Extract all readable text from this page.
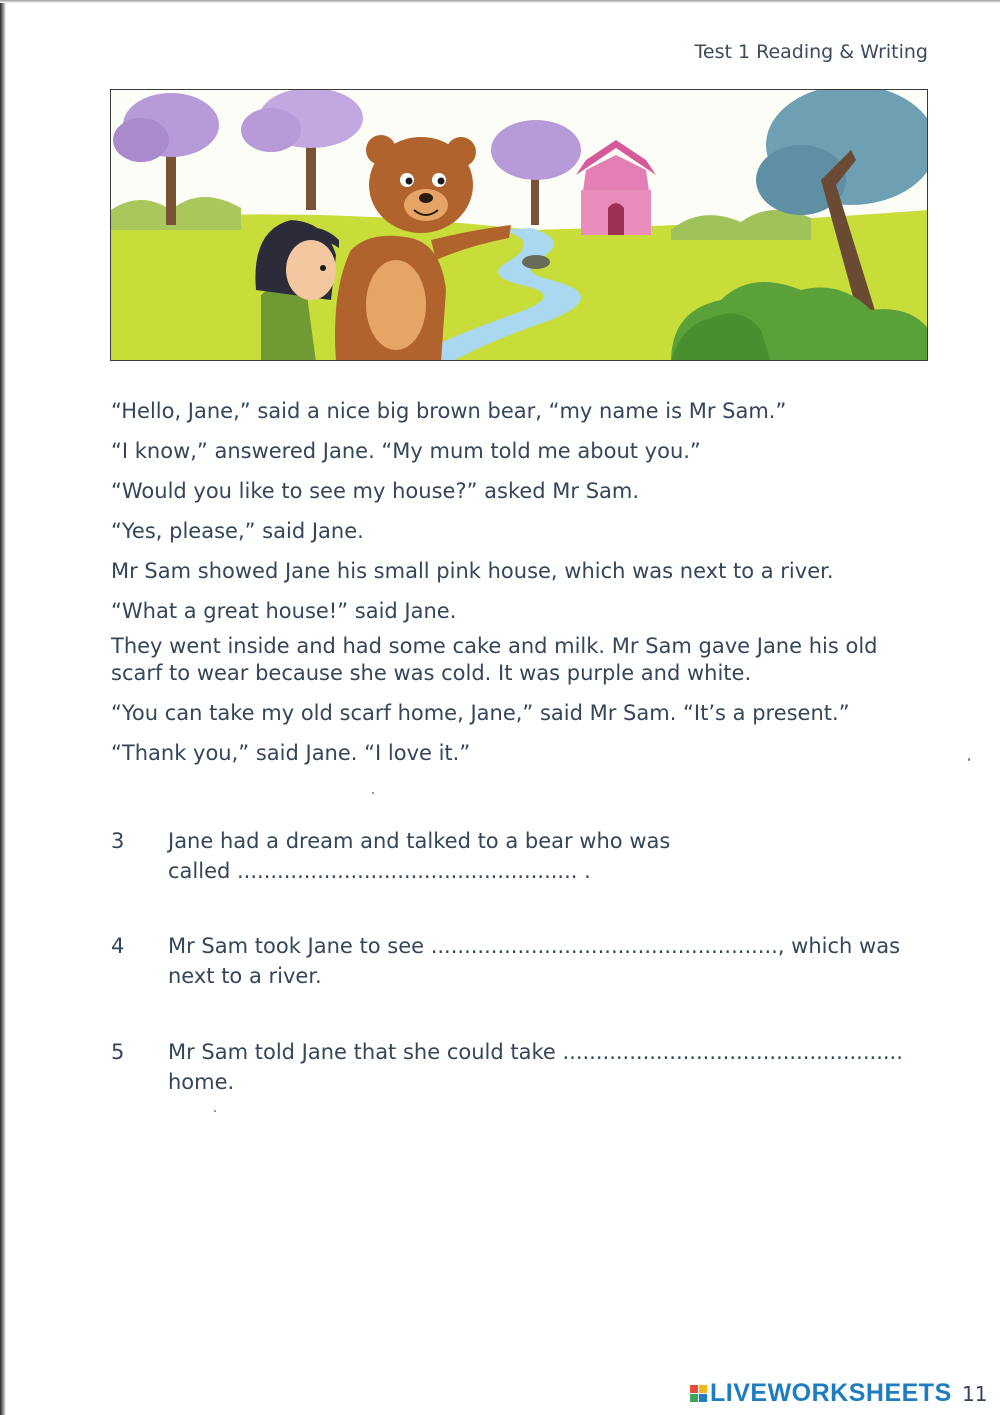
Test 1 Reading & Writing

“Hello, Jane,” said a nice big brown bear, “my name is Mr Sam.”

“I know,” answered Jane. “My mum told me about you.”

“Would you like to see my house?” asked Mr Sam.

“Yes, please,” said Jane.

Mr Sam showed Jane his small pink house, which was next to a river.

“What a great house!” said Jane.

They went inside and had some cake and milk. Mr Sam gave Jane his old scarf to wear because she was cold. It was purple and white.

“You can take my old scarf home, Jane,” said Mr Sam. “It’s a present.”

“Thank you,” said Jane. “I love it.”

3	Jane had a dream and talked to a bear who was
called ................................................... .
4	Mr Sam took Jane to see ...................................................., which was
next to a river.
5	Mr Sam told Jane that she could take ...................................................
home.
LIVEWORKSHEETS 11
